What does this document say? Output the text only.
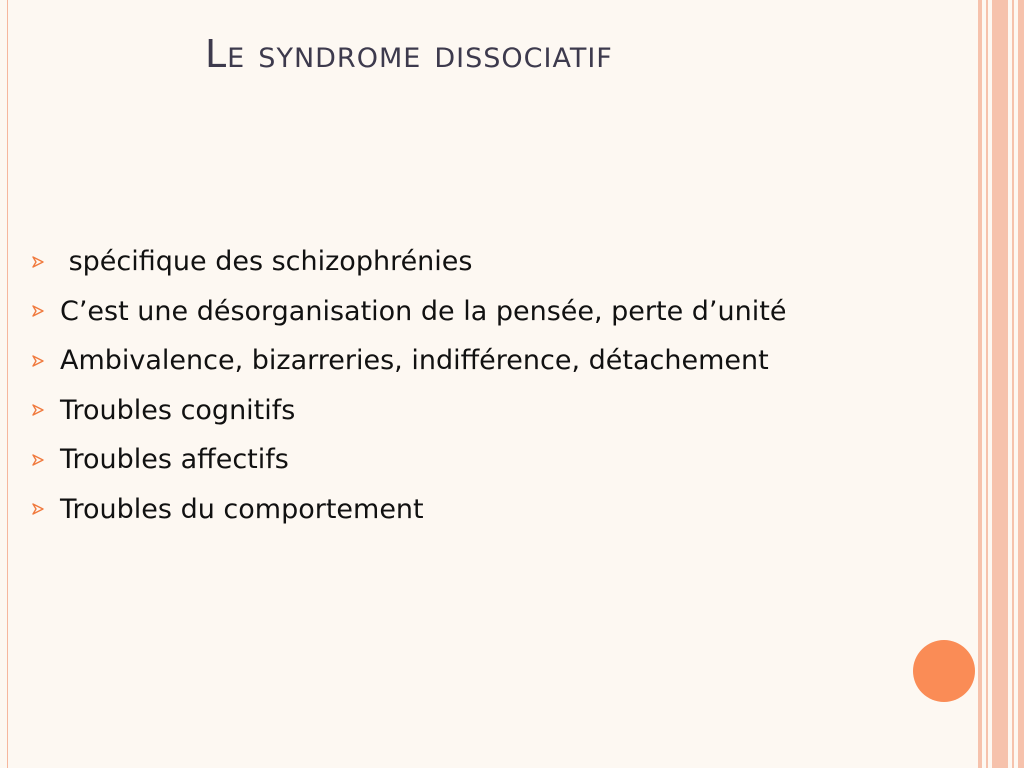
Le syndrome dissociatif
spécifique des schizophrénies
C’est une désorganisation de la pensée, perte d’unité
Ambivalence, bizarreries, indifférence, détachement
Troubles cognitifs
Troubles affectifs
Troubles du comportement
